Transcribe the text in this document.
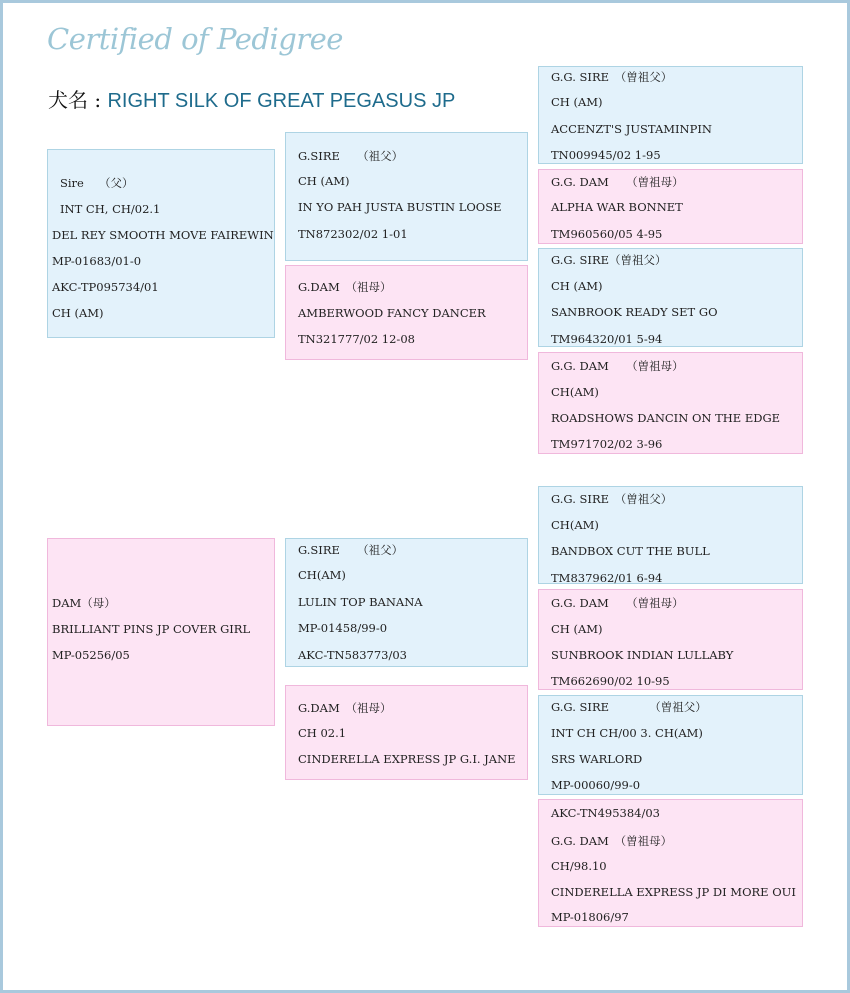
Certified of Pedigree
犬名 : RIGHT SILK OF GREAT PEGASUS JP
Sire　 （父）
INT CH, CH/02.1
DEL REY SMOOTH MOVE FAIREWIN
MP-01683/01-0
AKC-TP095734/01
CH (AM)
G.SIRE　　（祖父）
CH (AM)
IN YO PAH JUSTA BUSTIN LOOSE
TN872302/02 1-01
G.DAM　（祖母）
AMBERWOOD FANCY DANCER
TN321777/02 12-08
G.G. SIRE　（曽祖父）
CH (AM)
ACCENZT'S JUSTAMINPIN
TN009945/02 1-95
G.G. DAM　　（曽祖母）
ALPHA WAR BONNET
TM960560/05 4-95
G.G. SIRE（曽祖父）
CH (AM)
SANBROOK READY SET GO
TM964320/01 5-94
G.G. DAM　　（曽祖母）
CH(AM)
ROADSHOWS DANCIN ON THE EDGE
TM971702/02 3-96
DAM（母）
BRILLIANT PINS JP COVER GIRL
MP-05256/05
G.SIRE　　（祖父）
CH(AM)
LULIN TOP BANANA
MP-01458/99-0
AKC-TN583773/03
G.DAM　（祖母）
CH 02.1
CINDERELLA EXPRESS JP G.I. JANE
G.G. SIRE　（曽祖父）
CH(AM)
BANDBOX CUT THE BULL
TM837962/01 6-94
G.G. DAM　　（曽祖母）
CH (AM)
SUNBROOK INDIAN LULLABY
TM662690/02 10-95
G.G. SIRE　　　　（曽祖父）
INT CH CH/00 3. CH(AM)
SRS WARLORD
MP-00060/99-0
AKC-TN495384/03
G.G. DAM　（曽祖母）
CH/98.10
CINDERELLA EXPRESS JP DI MORE OUI
MP-01806/97
